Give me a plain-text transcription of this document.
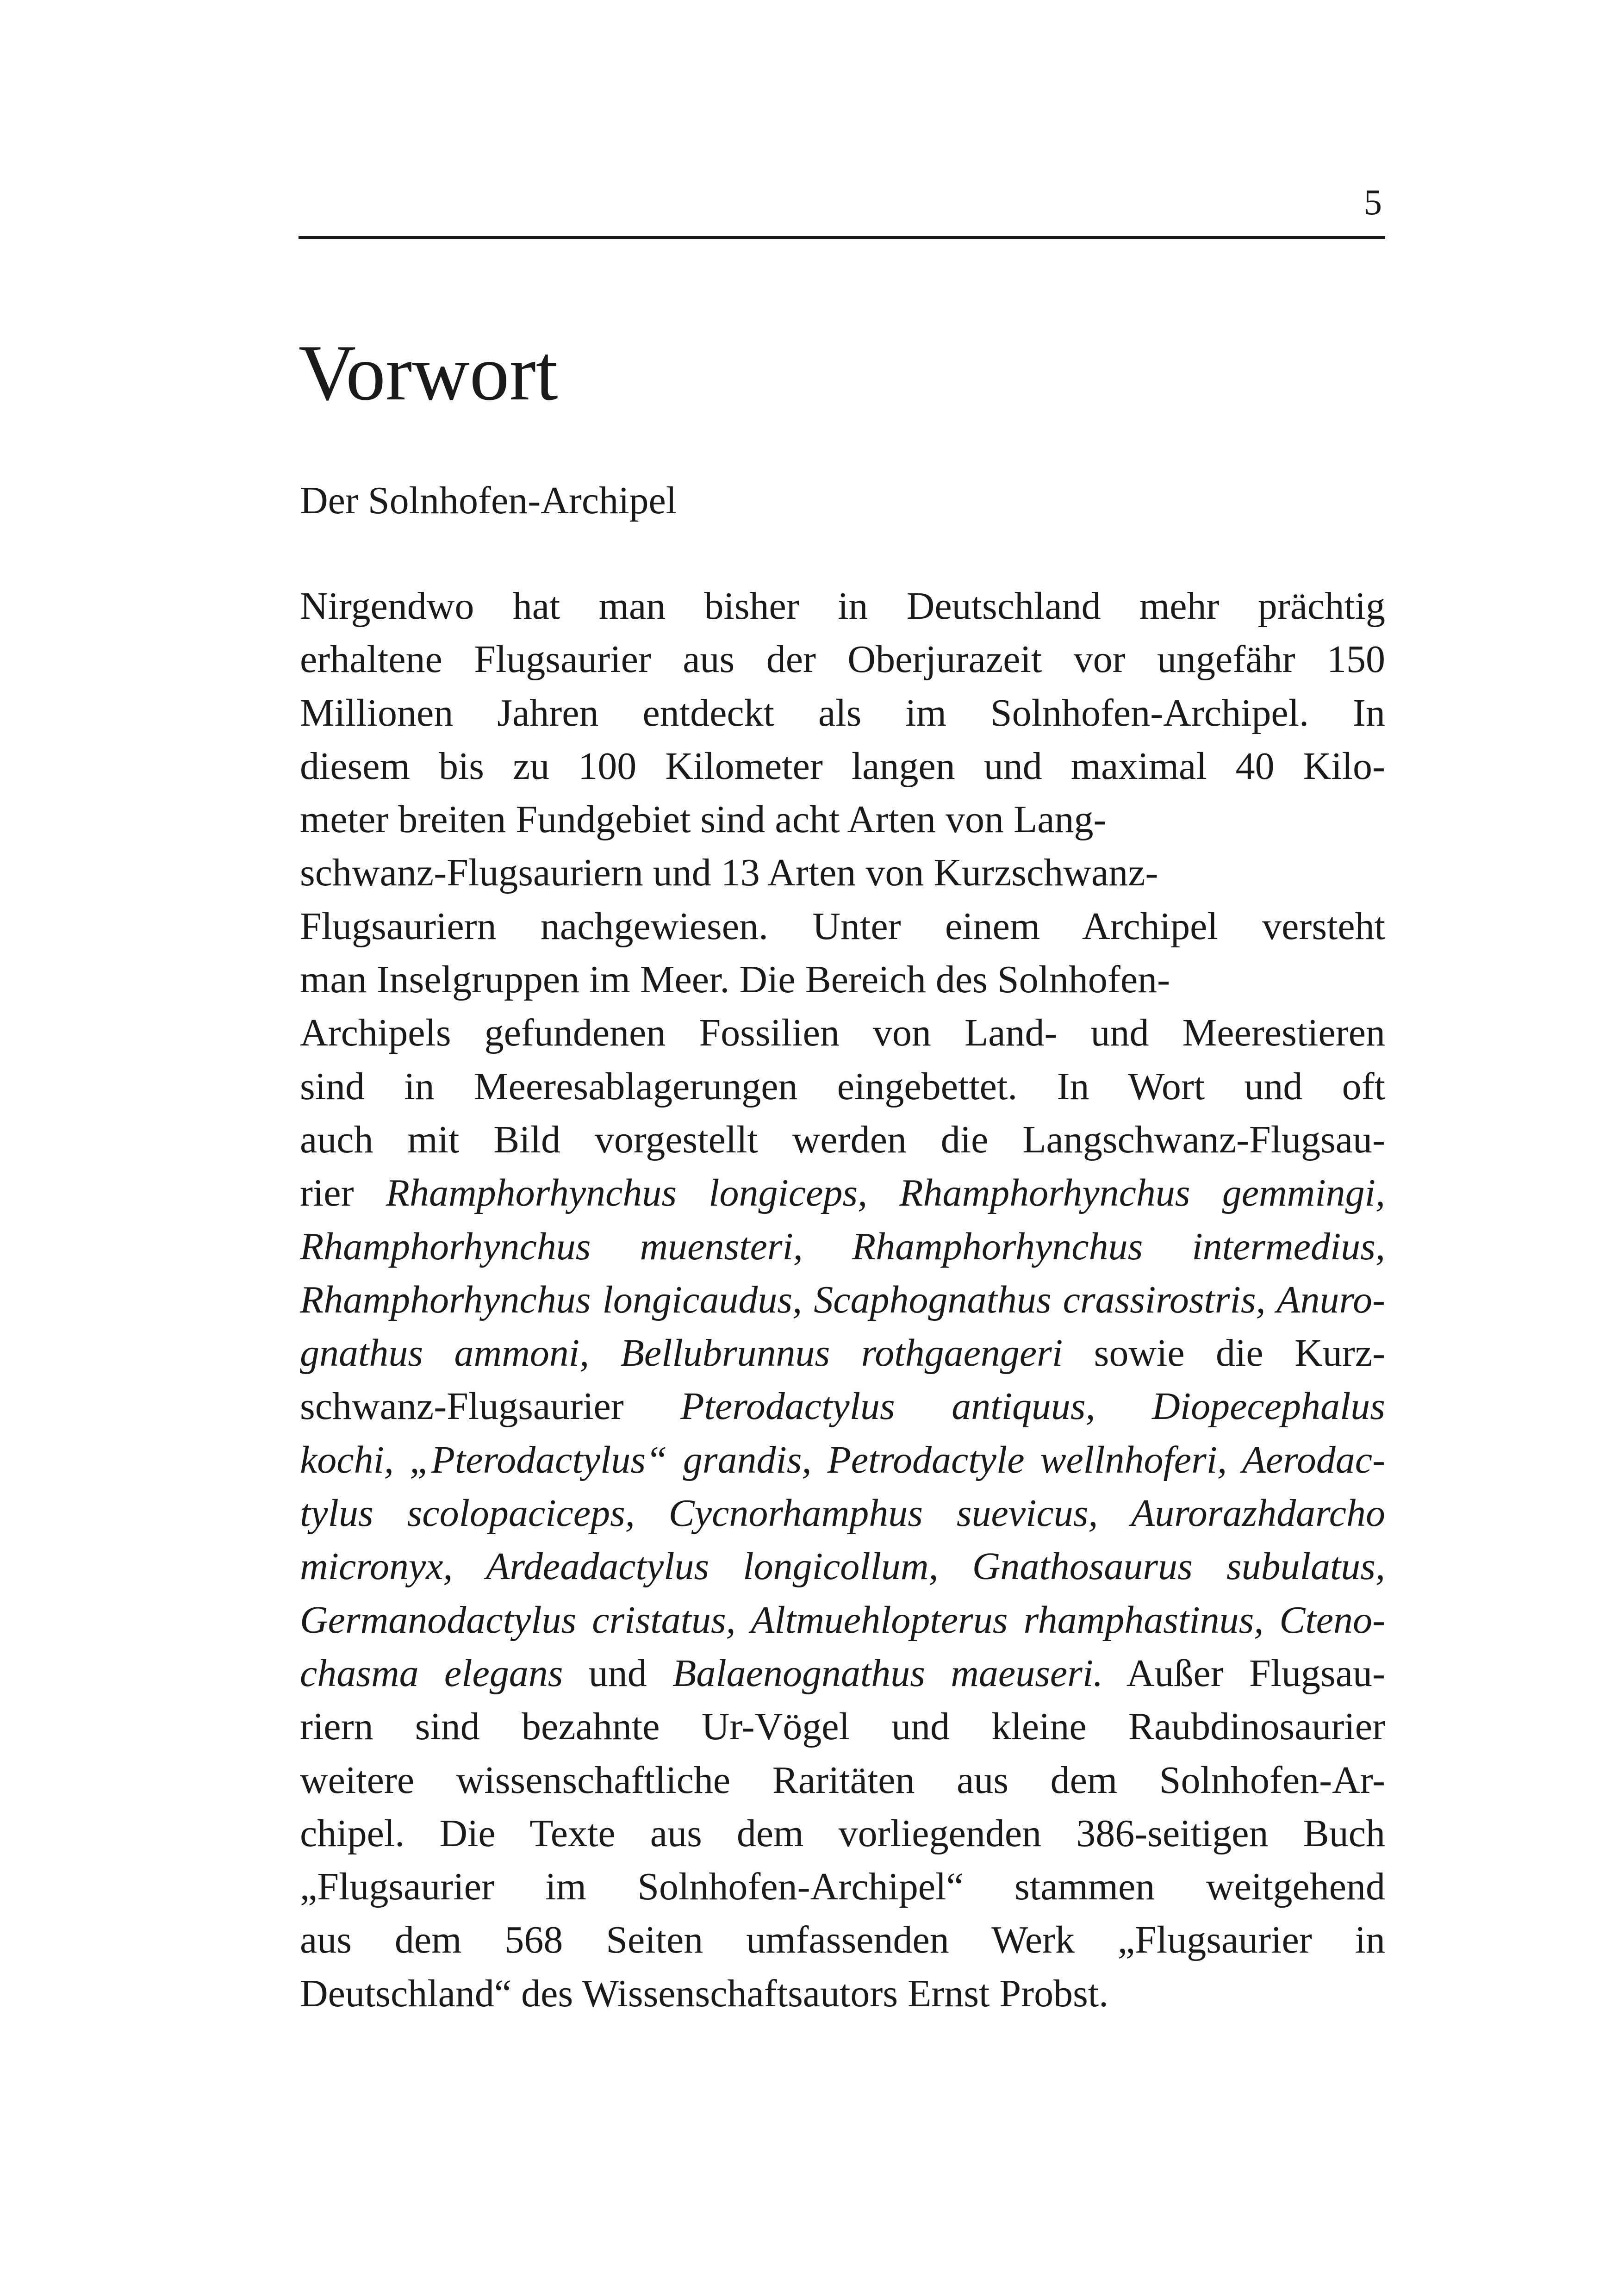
5
Vorwort

Der Solnhofen-Archipel

Nirgendwo hat man bisher in Deutschland mehr prächtig
erhaltene Flugsaurier aus der Oberjurazeit vor ungefähr 150
Millionen Jahren entdeckt als im Solnhofen-Archipel. In
diesem bis zu 100 Kilometer langen und maximal 40 Kilo-
meter breiten Fundgebiet sind acht Arten von Lang-
schwanz-Flugsauriern und 13 Arten von Kurzschwanz-
Flugsauriern nachgewiesen. Unter einem Archipel versteht
man Inselgruppen im Meer. Die Bereich des Solnhofen-
Archipels gefundenen Fossilien von Land- und Meerestieren
sind in Meeresablagerungen eingebettet. In Wort und oft
auch mit Bild vorgestellt werden die Langschwanz-Flugsau-
rier Rhamphorhynchus longiceps, Rhamphorhynchus gemmingi,
Rhamphorhynchus muensteri, Rhamphorhynchus intermedius,
Rhamphorhynchus longicaudus, Scaphognathus crassirostris, Anuro-
gnathus ammoni, Bellubrunnus rothgaengeri sowie die Kurz-
schwanz-Flugsaurier Pterodactylus antiquus, Diopecephalus
kochi, „Pterodactylus“ grandis, Petrodactyle wellnhoferi, Aerodac-
tylus scolopaciceps, Cycnorhamphus suevicus, Aurorazhdarcho
micronyx, Ardeadactylus longicollum, Gnathosaurus subulatus,
Germanodactylus cristatus, Altmuehlopterus rhamphastinus, Cteno-
chasma elegans und Balaenognathus maeuseri. Außer Flugsau-
riern sind bezahnte Ur-Vögel und kleine Raubdinosaurier
weitere wissenschaftliche Raritäten aus dem Solnhofen-Ar-
chipel. Die Texte aus dem vorliegenden 386-seitigen Buch
„Flugsaurier im Solnhofen-Archipel“ stammen weitgehend
aus dem 568 Seiten umfassenden Werk „Flugsaurier in
Deutschland“ des Wissenschaftsautors Ernst Probst.
